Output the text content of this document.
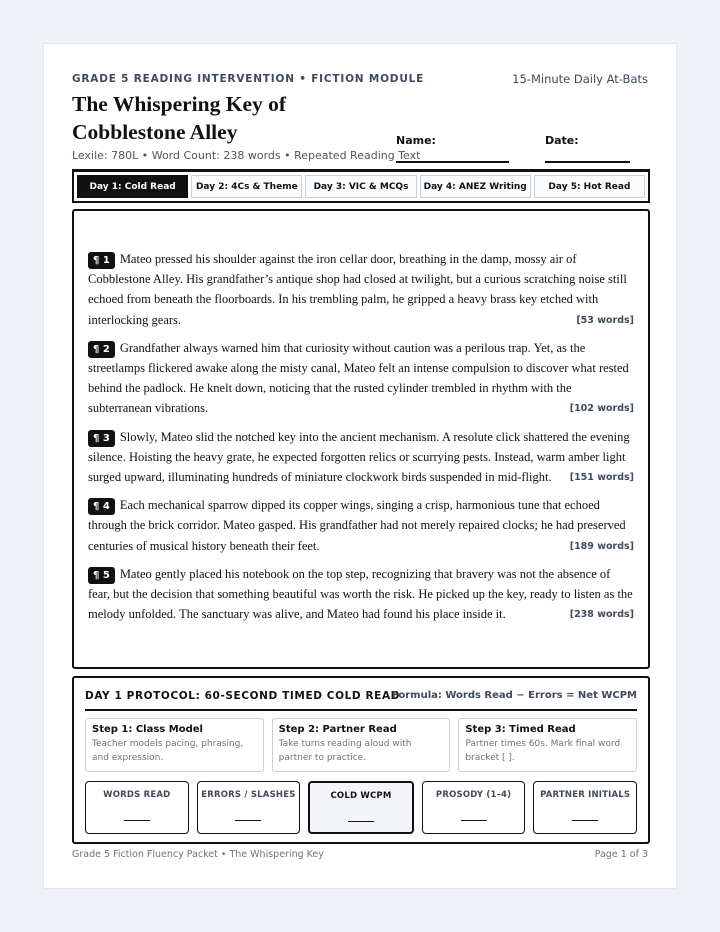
GRADE 5 READING INTERVENTION • FICTION MODULE	15-Minute Daily At-Bats
The Whispering Key of Cobblestone Alley
Lexile: 780L • Word Count: 238 words • Repeated Reading Text
Name:	Date:
Day 1: Cold Read	Day 2: 4Cs & Theme	Day 3: VIC & MCQs	Day 4: ANEZ Writing	Day 5: Hot Read

¶ 1 Mateo pressed his shoulder against the iron cellar door, breathing in the damp, mossy air of Cobblestone Alley. His grandfather’s antique shop had closed at twilight, but a curious scratching noise still echoed from beneath the floorboards. In his trembling palm, he gripped a heavy brass key etched with interlocking gears.	[53 words]

¶ 2 Grandfather always warned him that curiosity without caution was a perilous trap. Yet, as the streetlamps flickered awake along the misty canal, Mateo felt an intense compulsion to discover what rested behind the padlock. He knelt down, noticing that the rusted cylinder trembled in rhythm with the subterranean vibrations.	[102 words]

¶ 3 Slowly, Mateo slid the notched key into the ancient mechanism. A resolute click shattered the evening silence. Hoisting the heavy grate, he expected forgotten relics or scurrying pests. Instead, warm amber light surged upward, illuminating hundreds of miniature clockwork birds suspended in mid-flight. [151 words]

¶ 4 Each mechanical sparrow dipped its copper wings, singing a crisp, harmonious tune that echoed through the brick corridor. Mateo gasped. His grandfather had not merely repaired clocks; he had preserved centuries of musical history beneath their feet.	[189 words]

¶ 5 Mateo gently placed his notebook on the top step, recognizing that bravery was not the absence of fear, but the decision that something beautiful was worth the risk. He picked up the key, ready to listen as the melody unfolded. The sanctuary was alive, and Mateo had found his place inside it.	[238 words]

DAY 1 PROTOCOL: 60-SECOND TIMED COLD READ
Formula: Words Read − Errors = Net WCPM
Step 1: Class Model
Teacher models pacing, phrasing, and expression.
Step 2: Partner Read
Take turns reading aloud with partner to practice.
Step 3: Timed Read
Partner times 60s. Mark final word bracket [ ].
WORDS READ	ERRORS / SLASHES	COLD WCPM	PROSODY (1–4)	PARTNER INITIALS
Grade 5 Fiction Fluency Packet • The Whispering Key	Page 1 of 3
